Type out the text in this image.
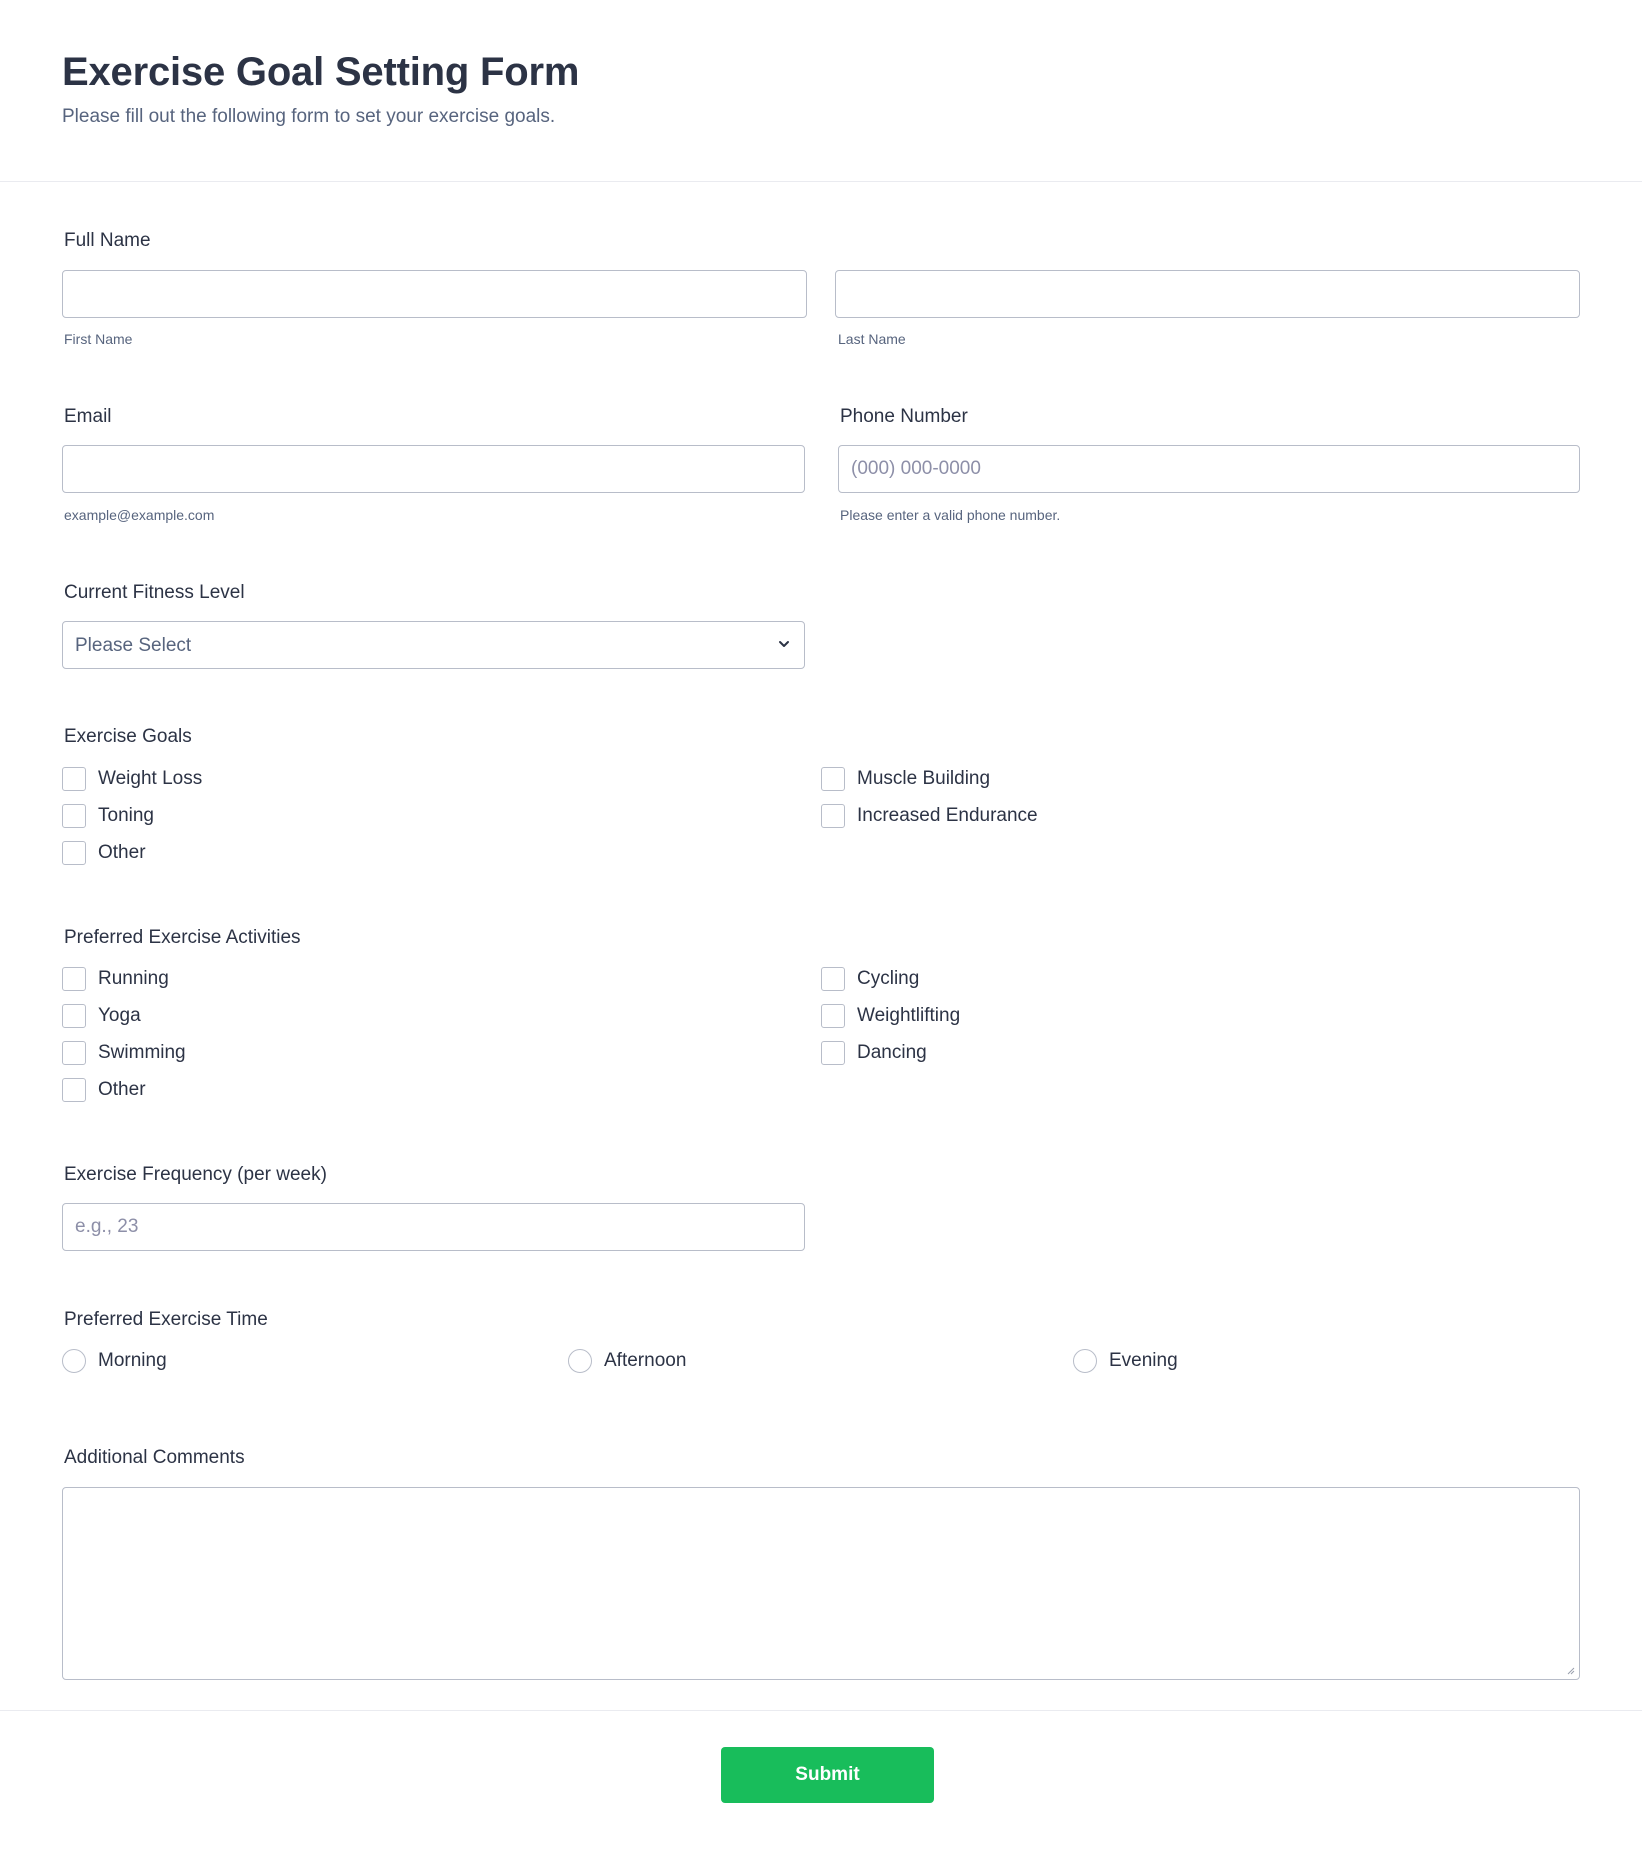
Exercise Goal Setting Form
Please fill out the following form to set your exercise goals.
Full Name
First Name	Last Name
Email
example@example.com
Phone Number
(000) 000-0000
Please enter a valid phone number.
Current Fitness Level
Please Select
Exercise Goals
Weight Loss
Toning
Other
Muscle Building
Increased Endurance
Preferred Exercise Activities
Running
Yoga
Swimming
Other
Cycling
Weightlifting
Dancing
Exercise Frequency (per week)
e.g., 23
Preferred Exercise Time
Morning	Afternoon	Evening
Additional Comments
Submit
